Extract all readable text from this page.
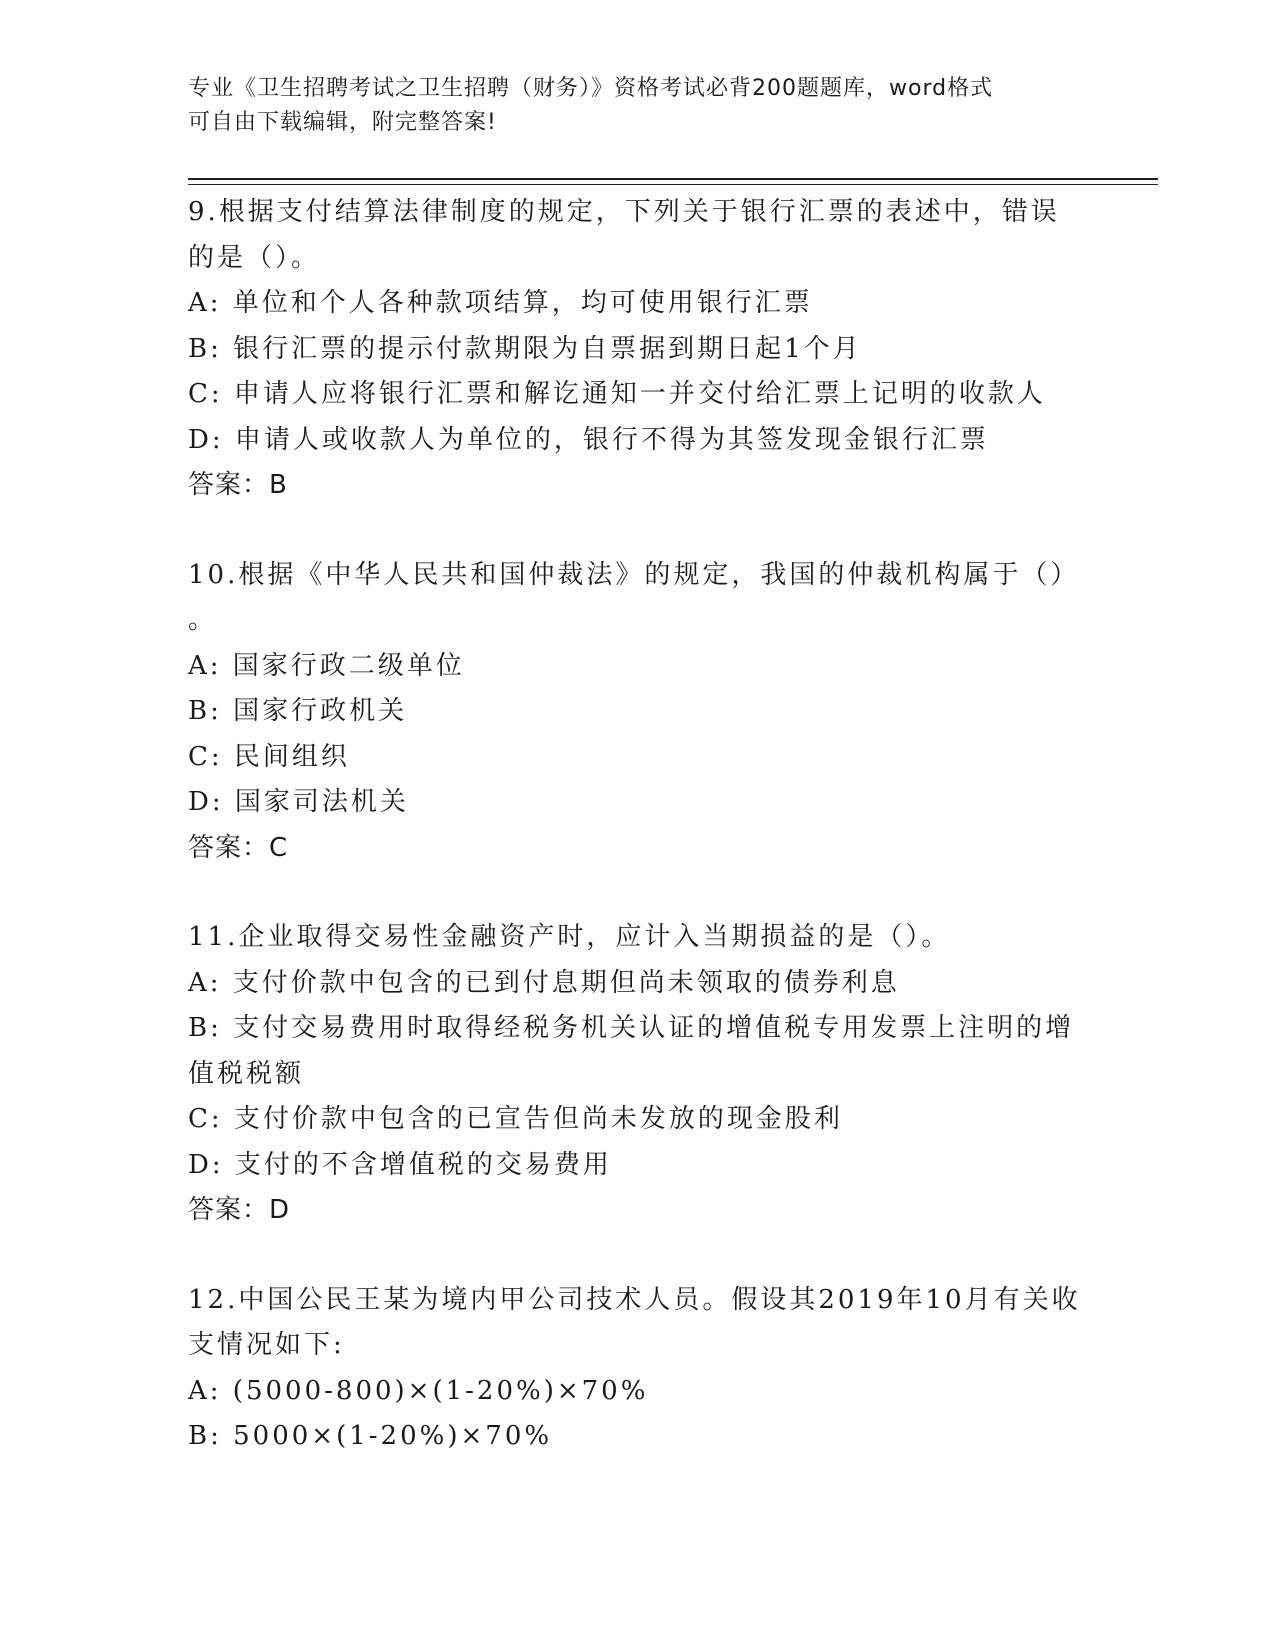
专业《卫生招聘考试之卫生招聘（财务）》资格考试必背200题题库，word格式
可自由下载编辑，附完整答案!
9.根据支付结算法律制度的规定，下列关于银行汇票的表述中，错误
的是（）。
A: 单位和个人各种款项结算，均可使用银行汇票
B: 银行汇票的提示付款期限为自票据到期日起1个月
C: 申请人应将银行汇票和解讫通知一并交付给汇票上记明的收款人
D: 申请人或收款人为单位的，银行不得为其签发现金银行汇票
答案：B
10.根据《中华人民共和国仲裁法》的规定，我国的仲裁机构属于（）
。
A: 国家行政二级单位
B: 国家行政机关
C: 民间组织
D: 国家司法机关
答案：C
11.企业取得交易性金融资产时，应计入当期损益的是（）。
A: 支付价款中包含的已到付息期但尚未领取的债券利息
B: 支付交易费用时取得经税务机关认证的增值税专用发票上注明的增
值税税额
C: 支付价款中包含的已宣告但尚未发放的现金股利
D: 支付的不含增值税的交易费用
答案：D
12.中国公民王某为境内甲公司技术人员。假设其2019年10月有关收
支情况如下:
A: (5000-800)×(1-20%)×70%
B: 5000×(1-20%)×70%
